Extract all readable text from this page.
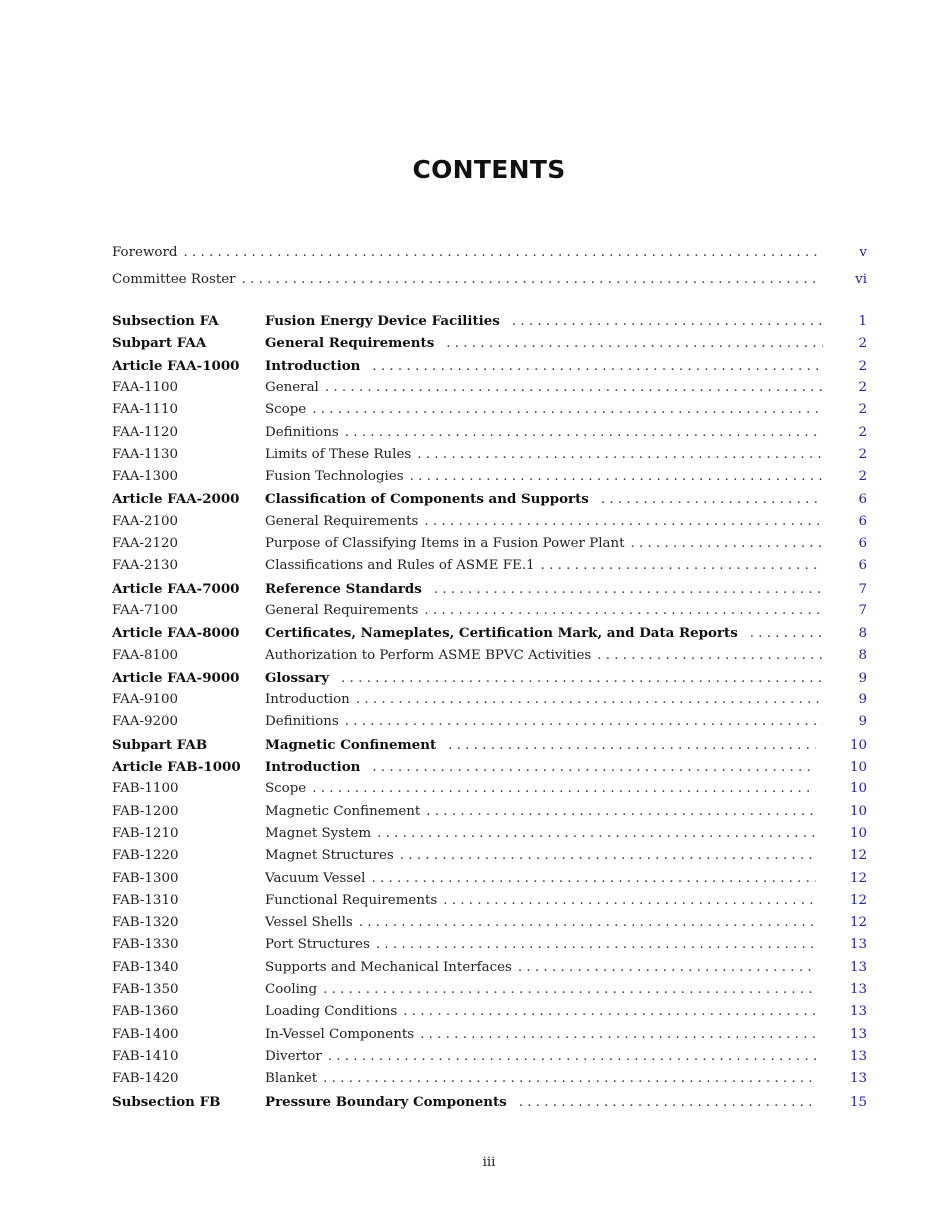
CONTENTS
Foreword . . .	v
Committee Roster . . .	vi
Subsection FA	Fusion Energy Device Facilities . . .	1
Subpart FAA	General Requirements . . .	2
Article FAA-1000	Introduction . . .	2
FAA-1100	General . . .	2
FAA-1110	Scope . . .	2
FAA-1120	Definitions . . .	2
FAA-1130	Limits of These Rules . . .	2
FAA-1300	Fusion Technologies . . .	2
Article FAA-2000	Classification of Components and Supports . . .	6
FAA-2100	General Requirements . . .	6
FAA-2120	Purpose of Classifying Items in a Fusion Power Plant . . .	6
FAA-2130	Classifications and Rules of ASME FE.1 . . .	6
Article FAA-7000	Reference Standards . . .	7
FAA-7100	General Requirements . . .	7
Article FAA-8000	Certificates, Nameplates, Certification Mark, and Data Reports . . .	8
FAA-8100	Authorization to Perform ASME BPVC Activities . . .	8
Article FAA-9000	Glossary . . .	9
FAA-9100	Introduction . . .	9
FAA-9200	Definitions . . .	9
Subpart FAB	Magnetic Confinement . . .	10
Article FAB-1000	Introduction . . .	10
FAB-1100	Scope . . .	10
FAB-1200	Magnetic Confinement . . .	10
FAB-1210	Magnet System . . .	10
FAB-1220	Magnet Structures . . .	12
FAB-1300	Vacuum Vessel . . .	12
FAB-1310	Functional Requirements . . .	12
FAB-1320	Vessel Shells . . .	12
FAB-1330	Port Structures . . .	13
FAB-1340	Supports and Mechanical Interfaces . . .	13
FAB-1350	Cooling . . .	13
FAB-1360	Loading Conditions . . .	13
FAB-1400	In-Vessel Components . . .	13
FAB-1410	Divertor . . .	13
FAB-1420	Blanket . . .	13
Subsection FB	Pressure Boundary Components . . .	15
iii
